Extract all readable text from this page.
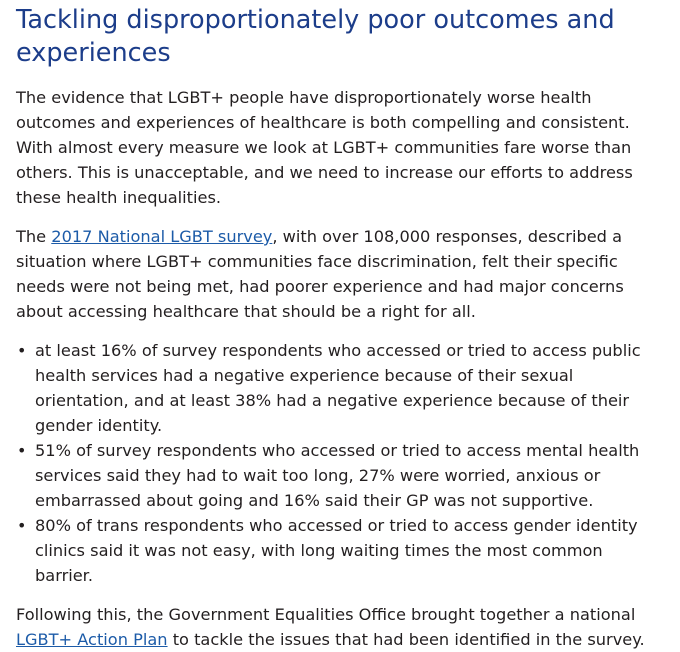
Tackling disproportionately poor outcomes and experiences

The evidence that LGBT+ people have disproportionately worse health outcomes and experiences of healthcare is both compelling and consistent. With almost every measure we look at LGBT+ communities fare worse than others. This is unacceptable, and we need to increase our efforts to address these health inequalities.

The 2017 National LGBT survey, with over 108,000 responses, described a situation where LGBT+ communities face discrimination, felt their specific needs were not being met, had poorer experience and had major concerns about accessing healthcare that should be a right for all.

• at least 16% of survey respondents who accessed or tried to access public health services had a negative experience because of their sexual orientation, and at least 38% had a negative experience because of their gender identity.
• 51% of survey respondents who accessed or tried to access mental health services said they had to wait too long, 27% were worried, anxious or embarrassed about going and 16% said their GP was not supportive.
• 80% of trans respondents who accessed or tried to access gender identity clinics said it was not easy, with long waiting times the most common barrier.

Following this, the Government Equalities Office brought together a national LGBT+ Action Plan to tackle the issues that had been identified in the survey.
